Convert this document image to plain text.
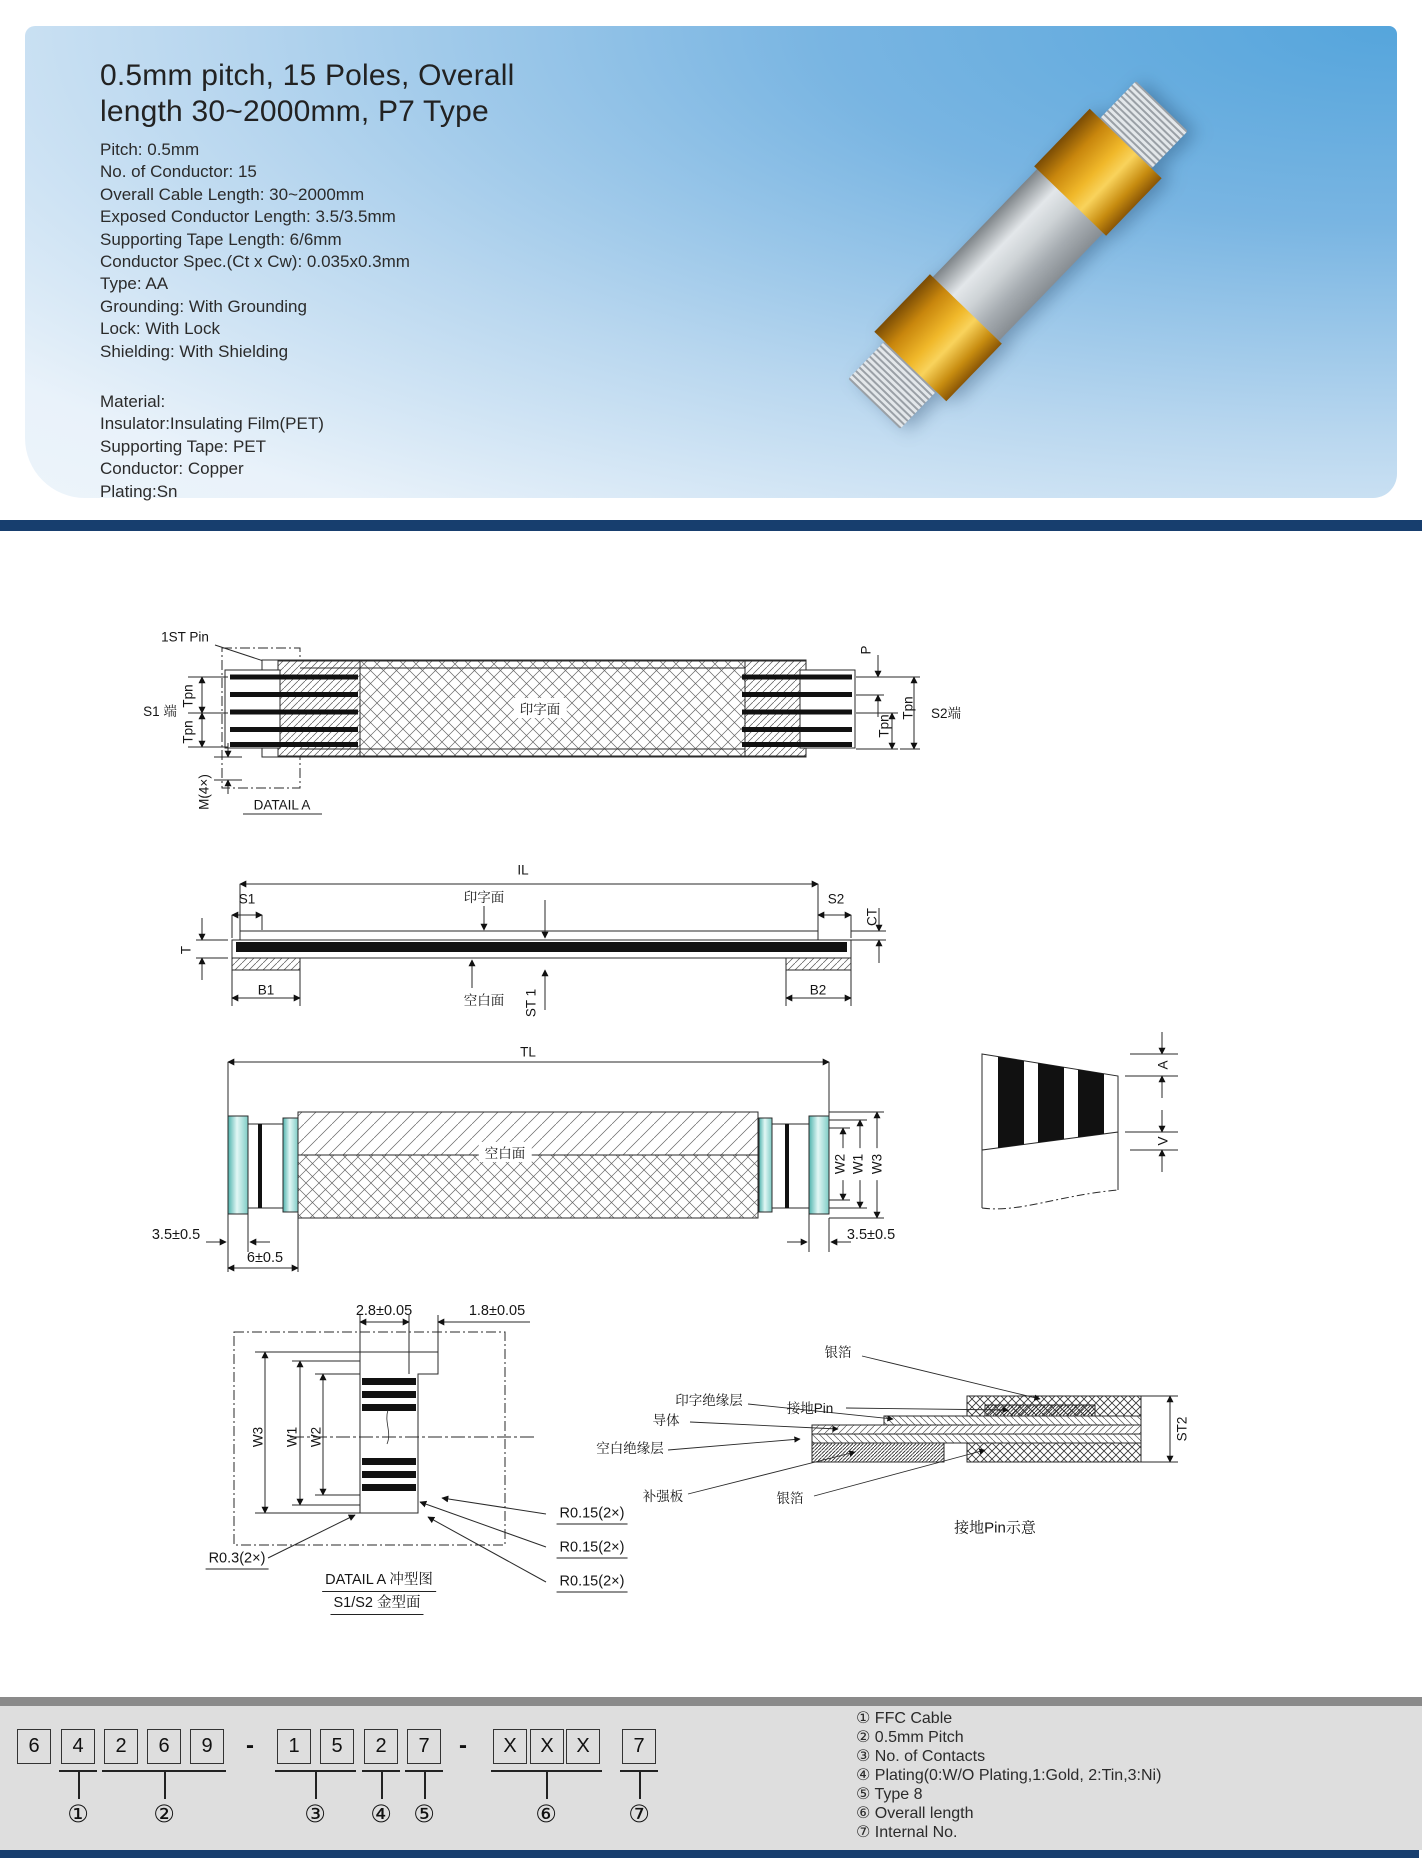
0.5mm pitch, 15 Poles, Overall
length 30~2000mm, P7 Type
Pitch: 0.5mm
No. of Conductor: 15
Overall Cable Length: 30~2000mm
Exposed Conductor Length: 3.5/3.5mm
Supporting Tape Length: 6/6mm
Conductor Spec.(Ct x Cw): 0.035x0.3mm
Type: AA
Grounding: With Grounding
Lock: With Lock
Shielding: With Shielding
Material:
Insulator:Insulating Film(PET)
Supporting Tape: PET
Conductor: Copper
Plating:Sn
1ST Pin
S1 端
Tpn
Tpn
M(4×)	DATAIL A
印字面
P
Tpn
Tpn S2端
IL
S1	S2
CT
印字面
T
B1	B2
空白面 ST 1
TL
空白面
W2 W1 W3
3.5±0.5	3.5±0.5
6±0.5
A
V
2.8±0.05	1.8±0.05
W3 W1 W2
R0.15(2×)
R0.15(2×)
R0.15(2×)
R0.3(2×)
DATAIL A 冲型图
S1/S2 金型面
银箔
印字绝缘层
接地Pin
导体
空白绝缘层
补强板	银箔
ST2
接地Pin示意
6	4	2	6	9	-	1	5	2	7	-	X	X	X	7
①	②	③ ④ ⑤	⑥	⑦
① FFC Cable
② 0.5mm Pitch
③ No. of Contacts
④ Plating(0:W/O Plating,1:Gold, 2:Tin,3:Ni)
⑤ Type 8
⑥ Overall length
⑦ Internal No.
